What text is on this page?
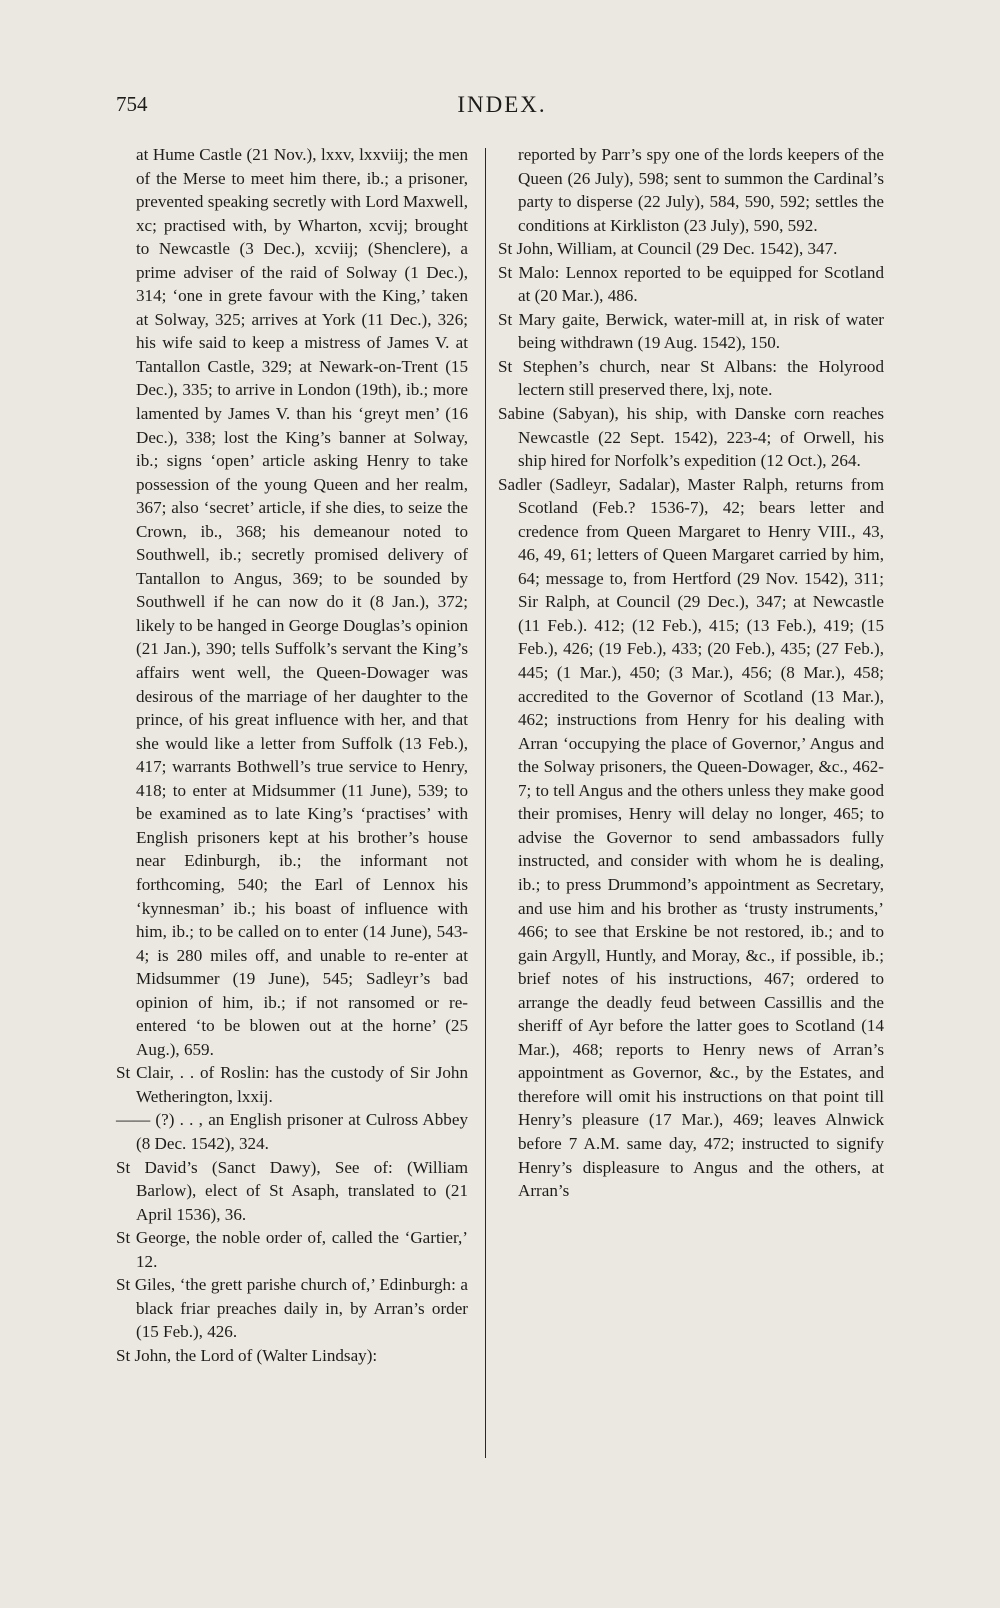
754	INDEX.

at Hume Castle (21 Nov.), lxxv, lxxviij; the men of the Merse to meet him there, ib.; a prisoner, prevented speaking secretly with Lord Maxwell, xc; practised with, by Wharton, xcvij; brought to Newcastle (3 Dec.), xcviij; (Shenclere), a prime adviser of the raid of Solway (1 Dec.), 314; ‘one in grete favour with the King,’ taken at Solway, 325; arrives at York (11 Dec.), 326; his wife said to keep a mistress of James V. at Tantallon Castle, 329; at Newark-on-Trent (15 Dec.), 335; to arrive in London (19th), ib.; more lamented by James V. than his ‘greyt men’ (16 Dec.), 338; lost the King’s banner at Solway, ib.; signs ‘open’ article asking Henry to take possession of the young Queen and her realm, 367; also ‘secret’ article, if she dies, to seize the Crown, ib., 368; his demeanour noted to Southwell, ib.; secretly promised delivery of Tantallon to Angus, 369; to be sounded by Southwell if he can now do it (8 Jan.), 372; likely to be hanged in George Douglas’s opinion (21 Jan.), 390; tells Suffolk’s servant the King’s affairs went well, the Queen-Dowager was desirous of the marriage of her daughter to the prince, of his great influence with her, and that she would like a letter from Suffolk (13 Feb.), 417; warrants Bothwell’s true service to Henry, 418; to enter at Midsummer (11 June), 539; to be examined as to late King’s ‘practises’ with English prisoners kept at his brother’s house near Edinburgh, ib.; the informant not forthcoming, 540; the Earl of Lennox his ‘kynnesman’ ib.; his boast of influence with him, ib.; to be called on to enter (14 June), 543-4; is 280 miles off, and unable to re-enter at Midsummer (19 June), 545; Sadleyr’s bad opinion of him, ib.; if not ransomed or re-entered ‘to be blowen out at the horne’ (25 Aug.), 659.

St Clair, . . of Roslin: has the custody of Sir John Wetherington, lxxij.

—— (?) . . , an English prisoner at Culross Abbey (8 Dec. 1542), 324.

St David’s (Sanct Dawy), See of: (William Barlow), elect of St Asaph, translated to (21 April 1536), 36.

St George, the noble order of, called the ‘Gartier,’ 12.

St Giles, ‘the grett parishe church of,’ Edinburgh: a black friar preaches daily in, by Arran’s order (15 Feb.), 426.

St John, the Lord of (Walter Lindsay):

reported by Parr’s spy one of the lords keepers of the Queen (26 July), 598; sent to summon the Cardinal’s party to disperse (22 July), 584, 590, 592; settles the conditions at Kirkliston (23 July), 590, 592.

St John, William, at Council (29 Dec. 1542), 347.

St Malo: Lennox reported to be equipped for Scotland at (20 Mar.), 486.

St Mary gaite, Berwick, water-mill at, in risk of water being withdrawn (19 Aug. 1542), 150.

St Stephen’s church, near St Albans: the Holyrood lectern still preserved there, lxj, note.

Sabine (Sabyan), his ship, with Danske corn reaches Newcastle (22 Sept. 1542), 223-4; of Orwell, his ship hired for Norfolk’s expedition (12 Oct.), 264.

Sadler (Sadleyr, Sadalar), Master Ralph, returns from Scotland (Feb.? 1536-7), 42; bears letter and credence from Queen Margaret to Henry VIII., 43, 46, 49, 61; letters of Queen Margaret carried by him, 64; message to, from Hertford (29 Nov. 1542), 311; Sir Ralph, at Council (29 Dec.), 347; at Newcastle (11 Feb.). 412; (12 Feb.), 415; (13 Feb.), 419; (15 Feb.), 426; (19 Feb.), 433; (20 Feb.), 435; (27 Feb.), 445; (1 Mar.), 450; (3 Mar.), 456; (8 Mar.), 458; accredited to the Governor of Scotland (13 Mar.), 462; instructions from Henry for his dealing with Arran ‘occupying the place of Governor,’ Angus and the Solway prisoners, the Queen-Dowager, &c., 462-7; to tell Angus and the others unless they make good their promises, Henry will delay no longer, 465; to advise the Governor to send ambassadors fully instructed, and consider with whom he is dealing, ib.; to press Drummond’s appointment as Secretary, and use him and his brother as ‘trusty instruments,’ 466; to see that Erskine be not restored, ib.; and to gain Argyll, Huntly, and Moray, &c., if possible, ib.; brief notes of his instructions, 467; ordered to arrange the deadly feud between Cassillis and the sheriff of Ayr before the latter goes to Scotland (14 Mar.), 468; reports to Henry news of Arran’s appointment as Governor, &c., by the Estates, and therefore will omit his instructions on that point till Henry’s pleasure (17 Mar.), 469; leaves Alnwick before 7 A.M. same day, 472; instructed to signify Henry’s displeasure to Angus and the others, at Arran’s
